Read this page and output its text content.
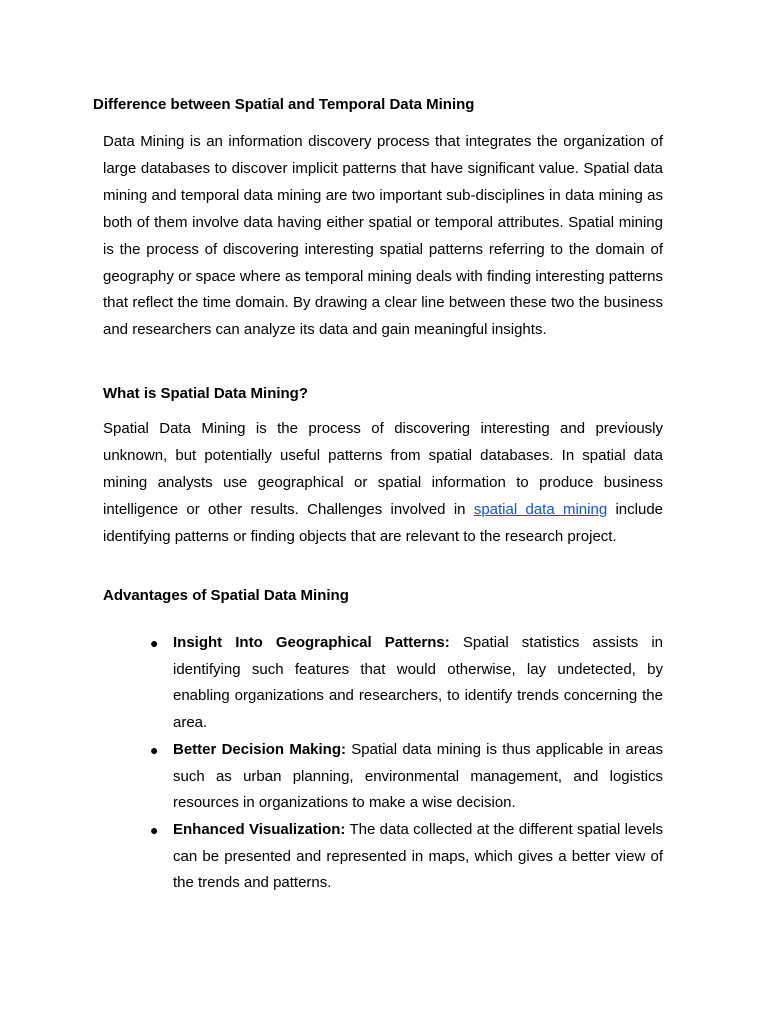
Difference between Spatial and Temporal Data Mining

Data Mining is an information discovery process that integrates the organization of large databases to discover implicit patterns that have significant value. Spatial data mining and temporal data mining are two important sub-disciplines in data mining as both of them involve data having either spatial or temporal attributes. Spatial mining is the process of discovering interesting spatial patterns referring to the domain of geography or space where as temporal mining deals with finding interesting patterns that reflect the time domain. By drawing a clear line between these two the business and researchers can analyze its data and gain meaningful insights.

What is Spatial Data Mining?

Spatial Data Mining is the process of discovering interesting and previously unknown, but potentially useful patterns from spatial databases. In spatial data mining analysts use geographical or spatial information to produce business intelligence or other results. Challenges involved in spatial data mining include identifying patterns or finding objects that are relevant to the research project.

Advantages of Spatial Data Mining
● Insight Into Geographical Patterns: Spatial statistics assists in identifying such features that would otherwise, lay undetected, by enabling organizations and researchers, to identify trends concerning the area.
● Better Decision Making: Spatial data mining is thus applicable in areas such as urban planning, environmental management, and logistics resources in organizations to make a wise decision.
● Enhanced Visualization: The data collected at the different spatial levels can be presented and represented in maps, which gives a better view of the trends and patterns.
